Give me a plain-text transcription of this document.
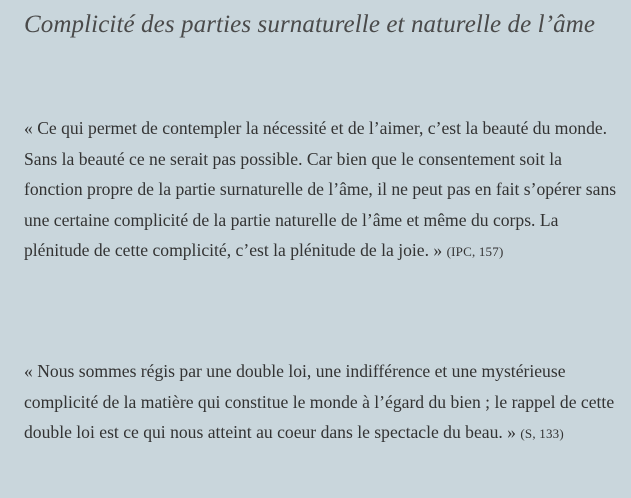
Complicité des parties surnaturelle et naturelle de l’âme

« Ce qui permet de contempler la nécessité et de l’aimer, c’est la beauté du monde. Sans la beauté ce ne serait pas possible. Car bien que le consentement soit la fonction propre de la partie surnaturelle de l’âme, il ne peut pas en fait s’opérer sans une certaine complicité de la partie naturelle de l’âme et même du corps. La plénitude de cette complicité, c’est la plénitude de la joie. » (IPC, 157)

« Nous sommes régis par une double loi, une indifférence et une mystérieuse complicité de la matière qui constitue le monde à l’égard du bien ; le rappel de cette double loi est ce qui nous atteint au coeur dans le spectacle du beau. » (S, 133)
